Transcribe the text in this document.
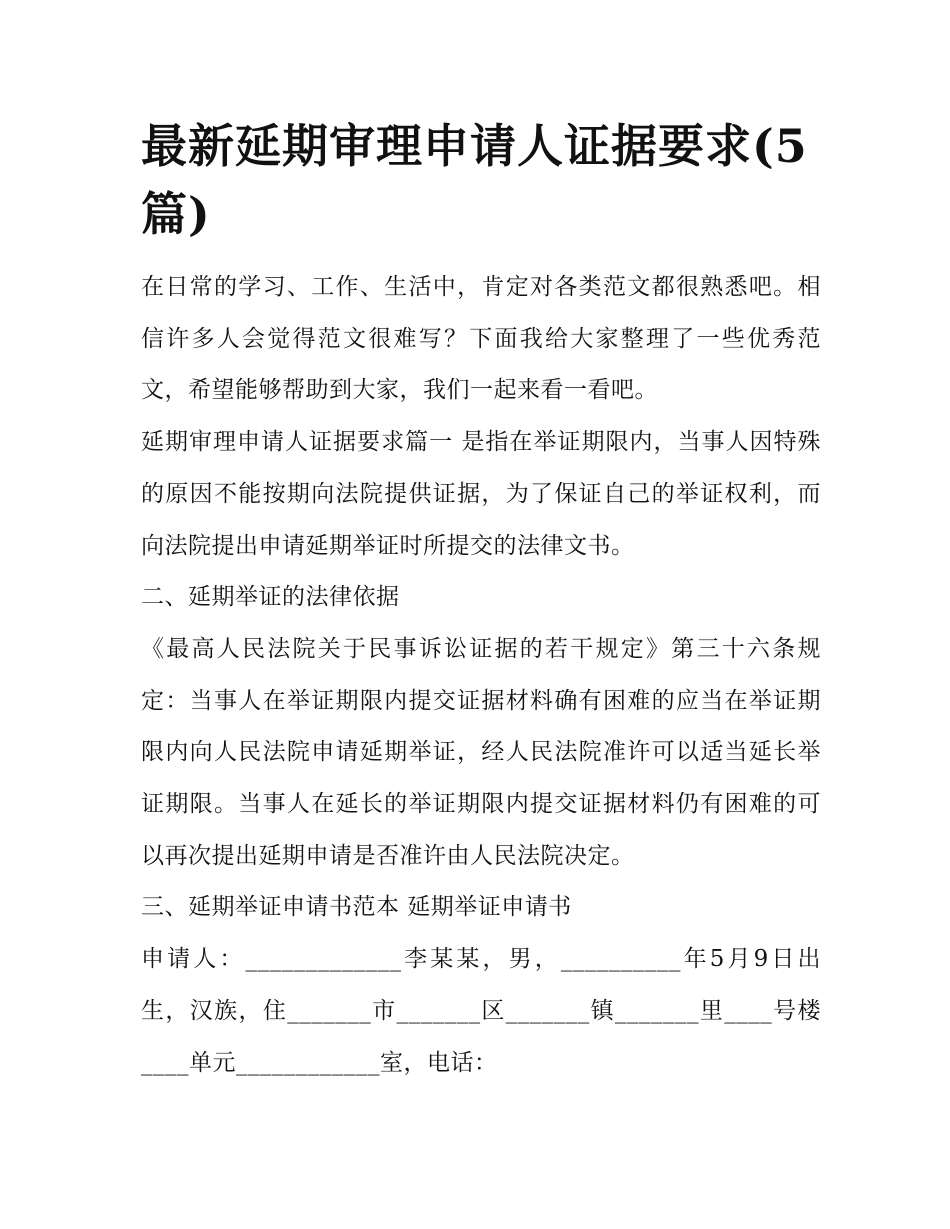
最新延期审理申请人证据要求(5篇)

在日常的学习、工作、生活中，肯定对各类范文都很熟悉吧。相信许多人会觉得范文很难写？下面我给大家整理了一些优秀范文，希望能够帮助到大家，我们一起来看一看吧。

延期审理申请人证据要求篇一 是指在举证期限内，当事人因特殊的原因不能按期向法院提供证据，为了保证自己的举证权利，而向法院提出申请延期举证时所提交的法律文书。

二、延期举证的法律依据

《最高人民法院关于民事诉讼证据的若干规定》第三十六条规定：当事人在举证期限内提交证据材料确有困难的应当在举证期限内向人民法院申请延期举证，经人民法院准许可以适当延长举证期限。当事人在延长的举证期限内提交证据材料仍有困难的可以再次提出延期申请是否准许由人民法院决定。

三、延期举证申请书范本 延期举证申请书

申请人：_____________李某某，男，__________年5月9日出生，汉族，住_______市_______区_______镇_______里____号楼____单元____________室，电话：
